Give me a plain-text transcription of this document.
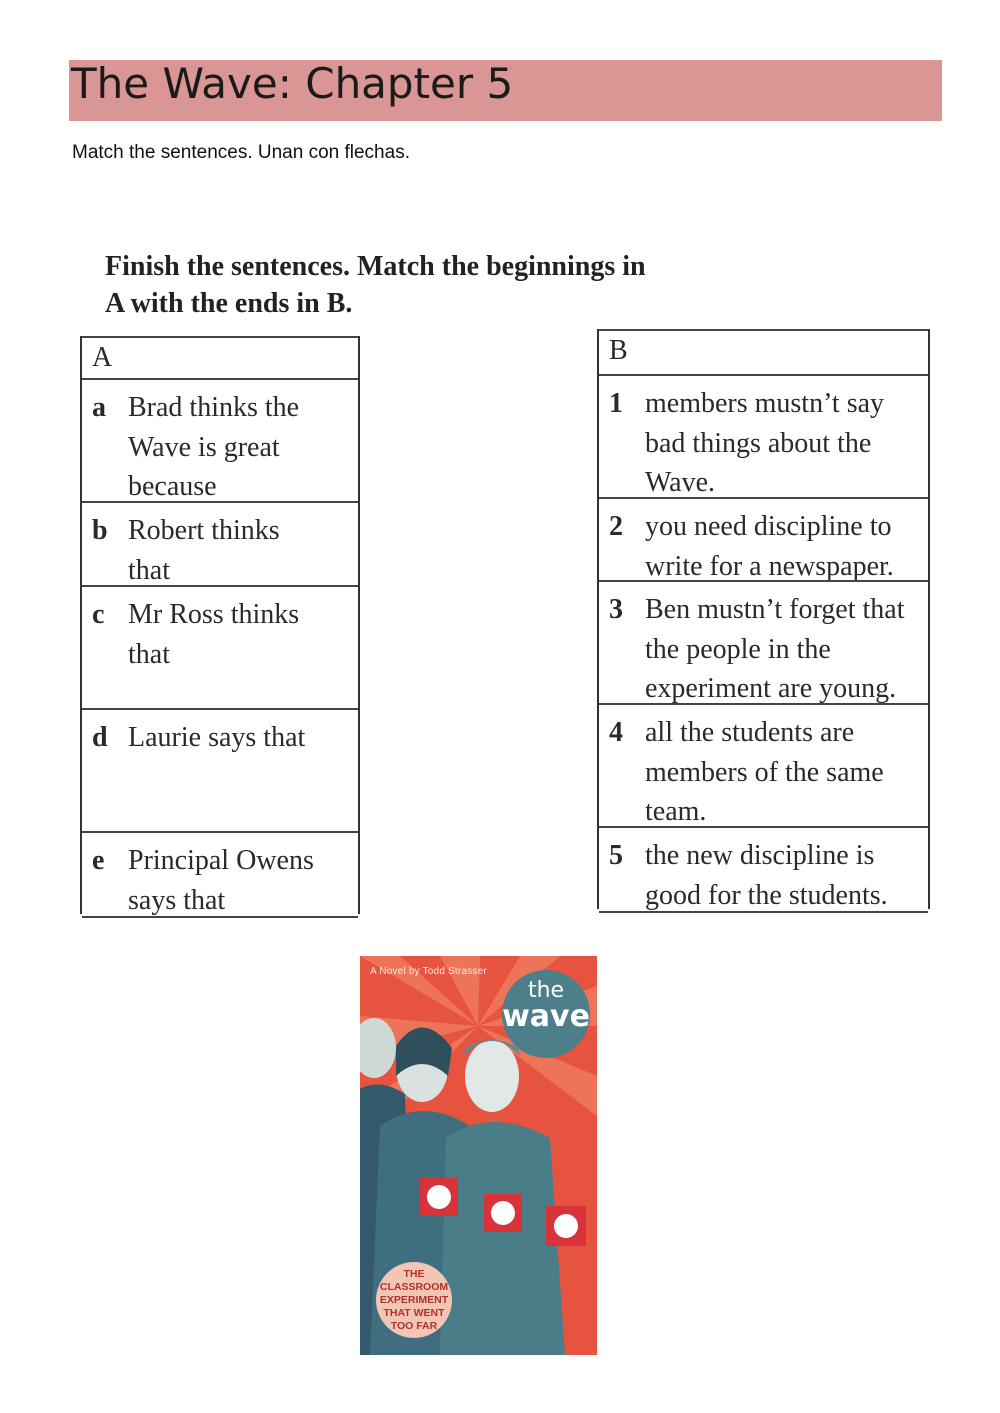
The Wave: Chapter 5
Match the sentences. Unan con flechas.
Finish the sentences. Match the beginnings in
A with the ends in B.
A
a Brad thinks the Wave is great because
b Robert thinks that
c Mr Ross thinks that
d Laurie says that
e Principal Owens says that
B
1 members mustn’t say bad things about the Wave.
2 you need discipline to write for a newspaper.
3 Ben mustn’t forget that the people in the experiment are young.
4 all the students are members of the same team.
5 the new discipline is good for the students.
A Novel by Todd Strasser
the
wave
THE
CLASSROOM
EXPERIMENT
THAT WENT
TOO FAR
